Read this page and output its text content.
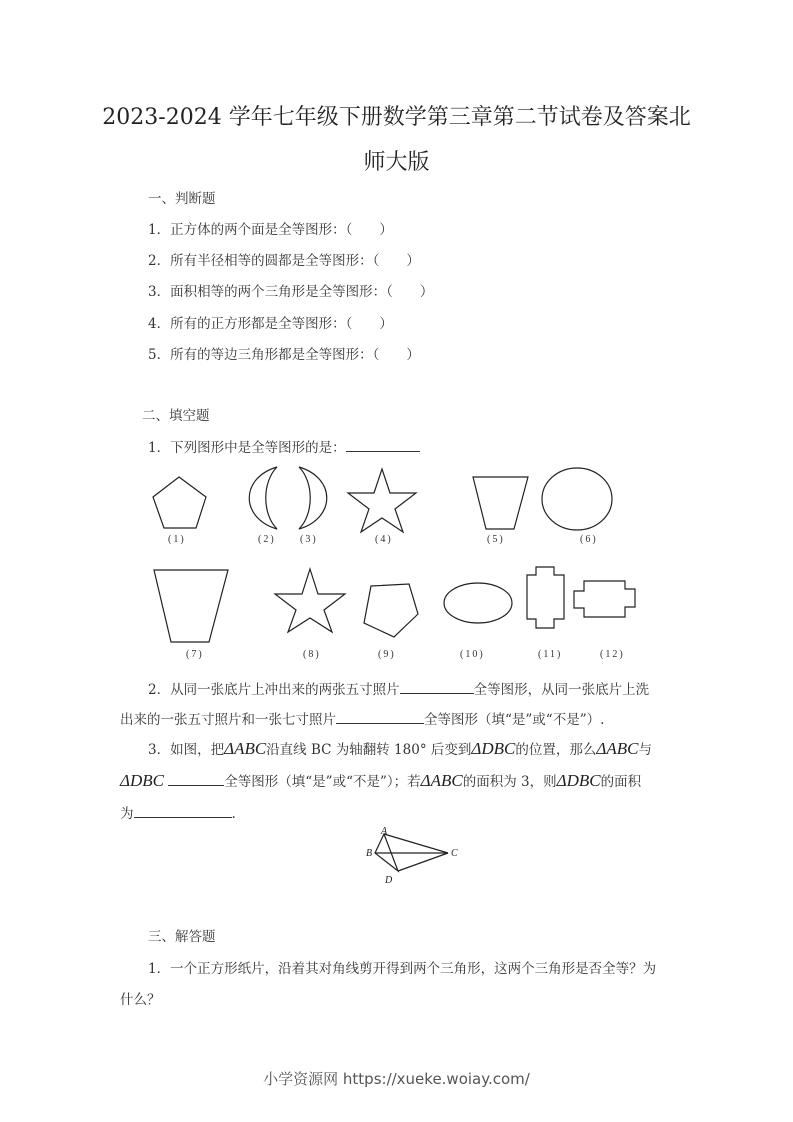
2023-2024 学年七年级下册数学第三章第二节试卷及答案北
师大版
一、判断题
1．正方体的两个面是全等图形：（　　）
2．所有半径相等的圆都是全等图形：（　　）
3．面积相等的两个三角形是全等图形：（　　）
4．所有的正方形都是全等图形：（　　）
5．所有的等边三角形都是全等图形：（　　）
二、填空题
1．下列图形中是全等图形的是：
(1)	(2) (3)	(4)	(5)	(6)
(7)	(8)	(9)	(10)	(11)	(12)
2．从同一张底片上冲出来的两张五寸照片	全等图形，从同一张底片上洗
出来的一张五寸照片和一张七寸照片	全等图形（填“是”或“不是”）.
3．如图，把ΔABC沿直线 BC 为轴翻转 180° 后变到ΔDBC的位置，那么ΔABC与
ΔDBC	全等图形（填“是”或“不是”）；若ΔABC的面积为 3，则ΔDBC的面积
为	.
A
B	C
D
三、解答题
1．一个正方形纸片，沿着其对角线剪开得到两个三角形，这两个三角形是否全等？为
什么？
小学资源网 https://xueke.woiay.com/
